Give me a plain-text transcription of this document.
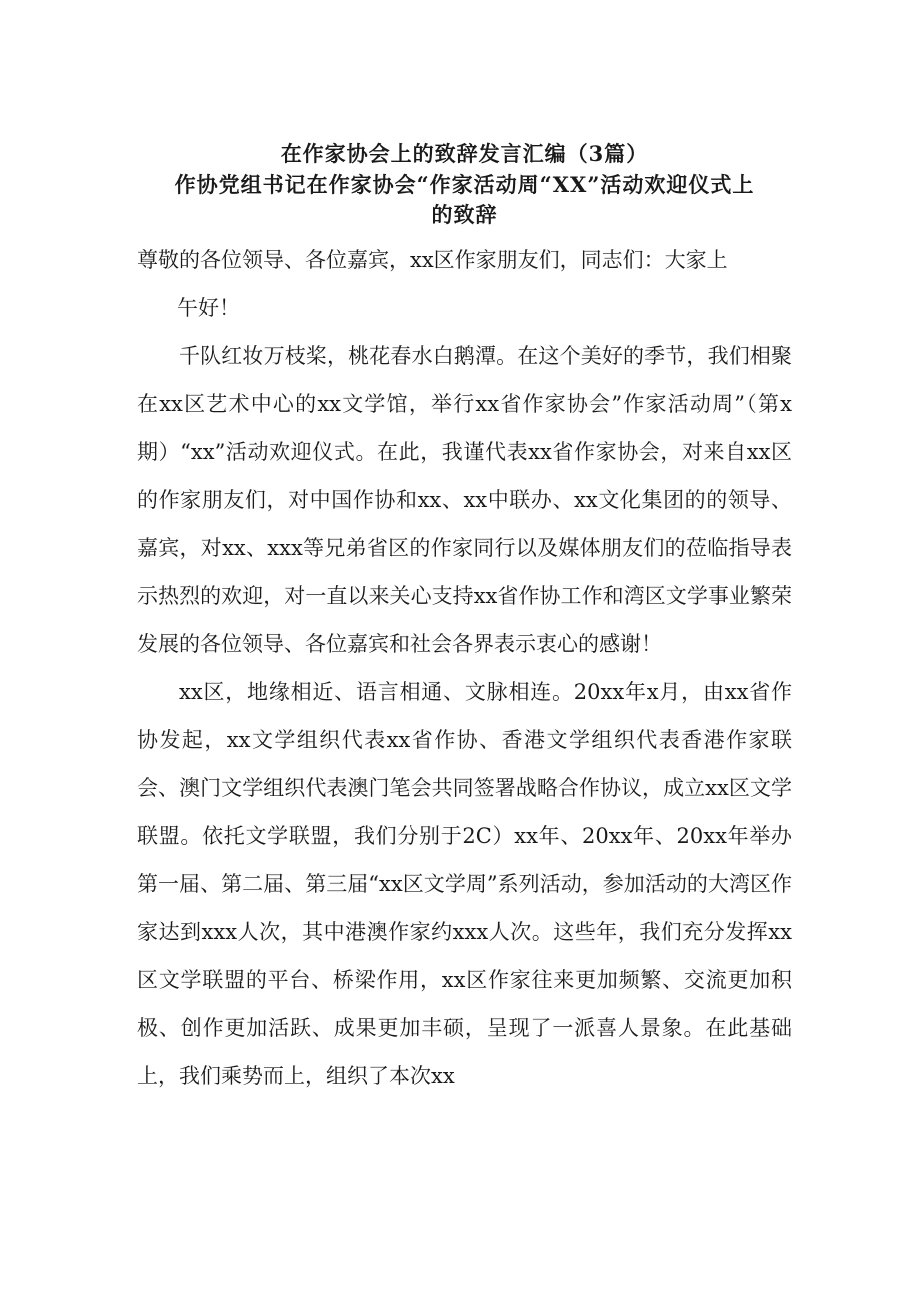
在作家协会上的致辞发言汇编（3篇）
作协党组书记在作家协会“作家活动周“XX”活动欢迎仪式上的致辞

尊敬的各位领导、各位嘉宾，xx区作家朋友们，同志们：大家上

午好！

千队红妆万枝桨，桃花春水白鹅潭。在这个美好的季节，我们相聚在xx区艺术中心的xx文学馆，举行xx省作家协会”作家活动周”（第x期）“xx”活动欢迎仪式。在此，我谨代表xx省作家协会，对来自xx区的作家朋友们，对中国作协和xx、xx中联办、xx文化集团的的领导、嘉宾，对xx、xxx等兄弟省区的作家同行以及媒体朋友们的莅临指导表示热烈的欢迎，对一直以来关心支持xx省作协工作和湾区文学事业繁荣发展的各位领导、各位嘉宾和社会各界表示衷心的感谢！

xx区，地缘相近、语言相通、文脉相连。20xx年x月，由xx省作协发起，xx文学组织代表xx省作协、香港文学组织代表香港作家联会、澳门文学组织代表澳门笔会共同签署战略合作协议，成立xx区文学联盟。依托文学联盟，我们分别于2C）xx年、20xx年、20xx年举办第一届、第二届、第三届“xx区文学周”系列活动，参加活动的大湾区作家达到xxx人次，其中港澳作家约xxx人次。这些年，我们充分发挥xx区文学联盟的平台、桥梁作用，xx区作家往来更加频繁、交流更加积极、创作更加活跃、成果更加丰硕，呈现了一派喜人景象。在此基础上，我们乘势而上，组织了本次xx
